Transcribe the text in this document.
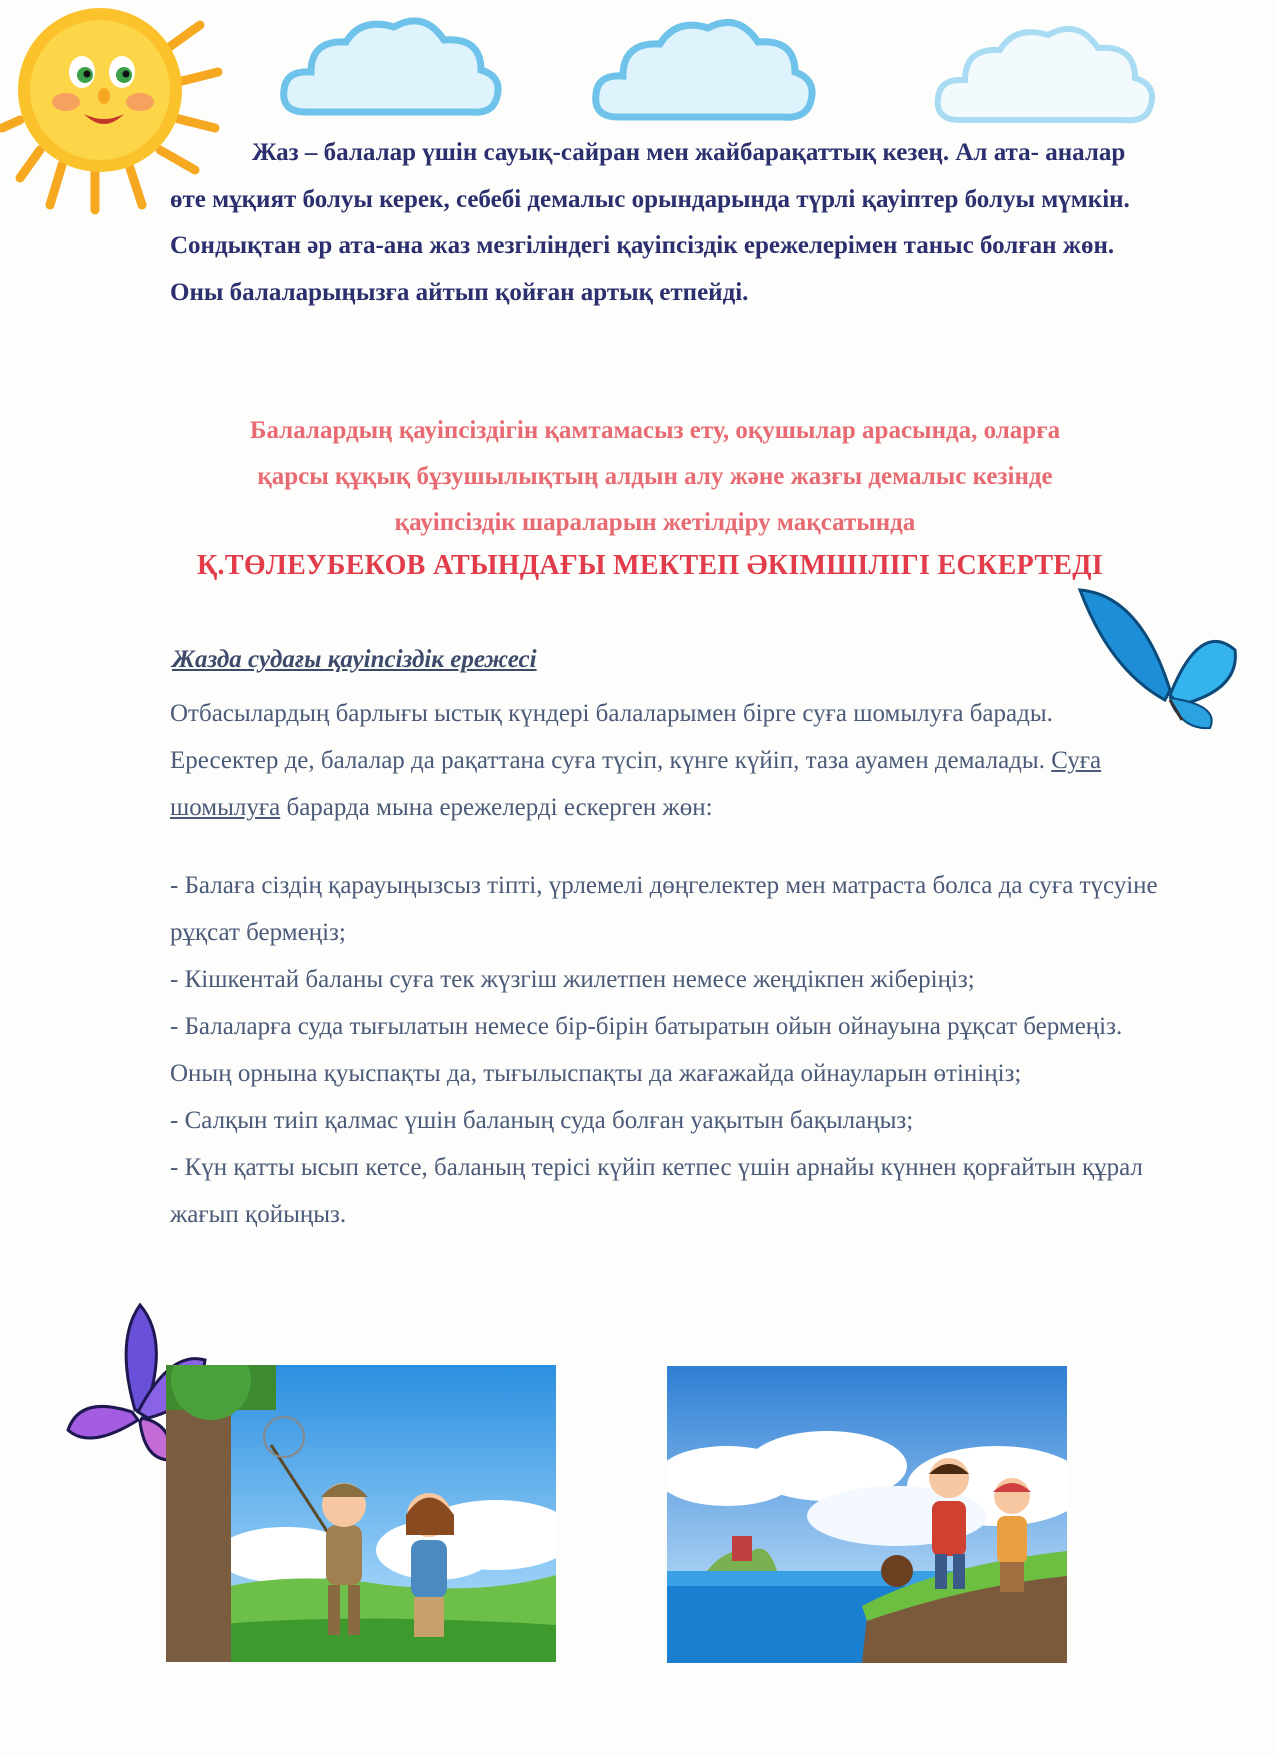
Жаз – балалар үшін сауық-сайран мен жайбарақаттық кезең. Ал ата- аналар өте мұқият болуы керек, себебі демалыс орындарында түрлі қауіптер болуы мүмкін. Сондықтан әр ата-ана жаз мезгіліндегі қауіпсіздік ережелерімен таныс болған жөн. Оны балаларыңызға айтып қойған артық етпейді.

Балалардың қауіпсіздігін қамтамасыз ету, оқушылар арасында, оларға
қарсы құқық бұзушылықтың алдын алу және жазғы демалыс кезінде
қауіпсіздік шараларын жетілдіру мақсатында

Қ.ТӨЛЕУБЕКОВ АТЫНДАҒЫ МЕКТЕП ӘКІМШІЛІГІ ЕСКЕРТЕДІ

Жазда судағы қауіпсіздік ережесі

Отбасылардың барлығы ыстық күндері балаларымен бірге суға шомылуға барады. Ересектер де, балалар да рақаттана суға түсіп, күнге күйіп, таза ауамен демалады. Суға шомылуға барарда мына ережелерді ескерген жөн:

- Балаға сіздің қарауыңызсыз тіпті, үрлемелі дөңгелектер мен матраста болса да суға түсуіне рұқсат бермеңіз;
- Кішкентай баланы суға тек жүзгіш жилетпен немесе жеңдікпен жіберіңіз;
- Балаларға суда тығылатын немесе бір-бірін батыратын ойын ойнауына рұқсат бермеңіз. Оның орнына қуыспақты да, тығылыспақты да жағажайда ойнауларын өтініңіз;
- Салқын тиіп қалмас үшін баланың суда болған уақытын бақылаңыз;
- Күн қатты ысып кетсе, баланың терісі күйіп кетпес үшін арнайы күннен қорғайтын құрал жағып қойыңыз.
